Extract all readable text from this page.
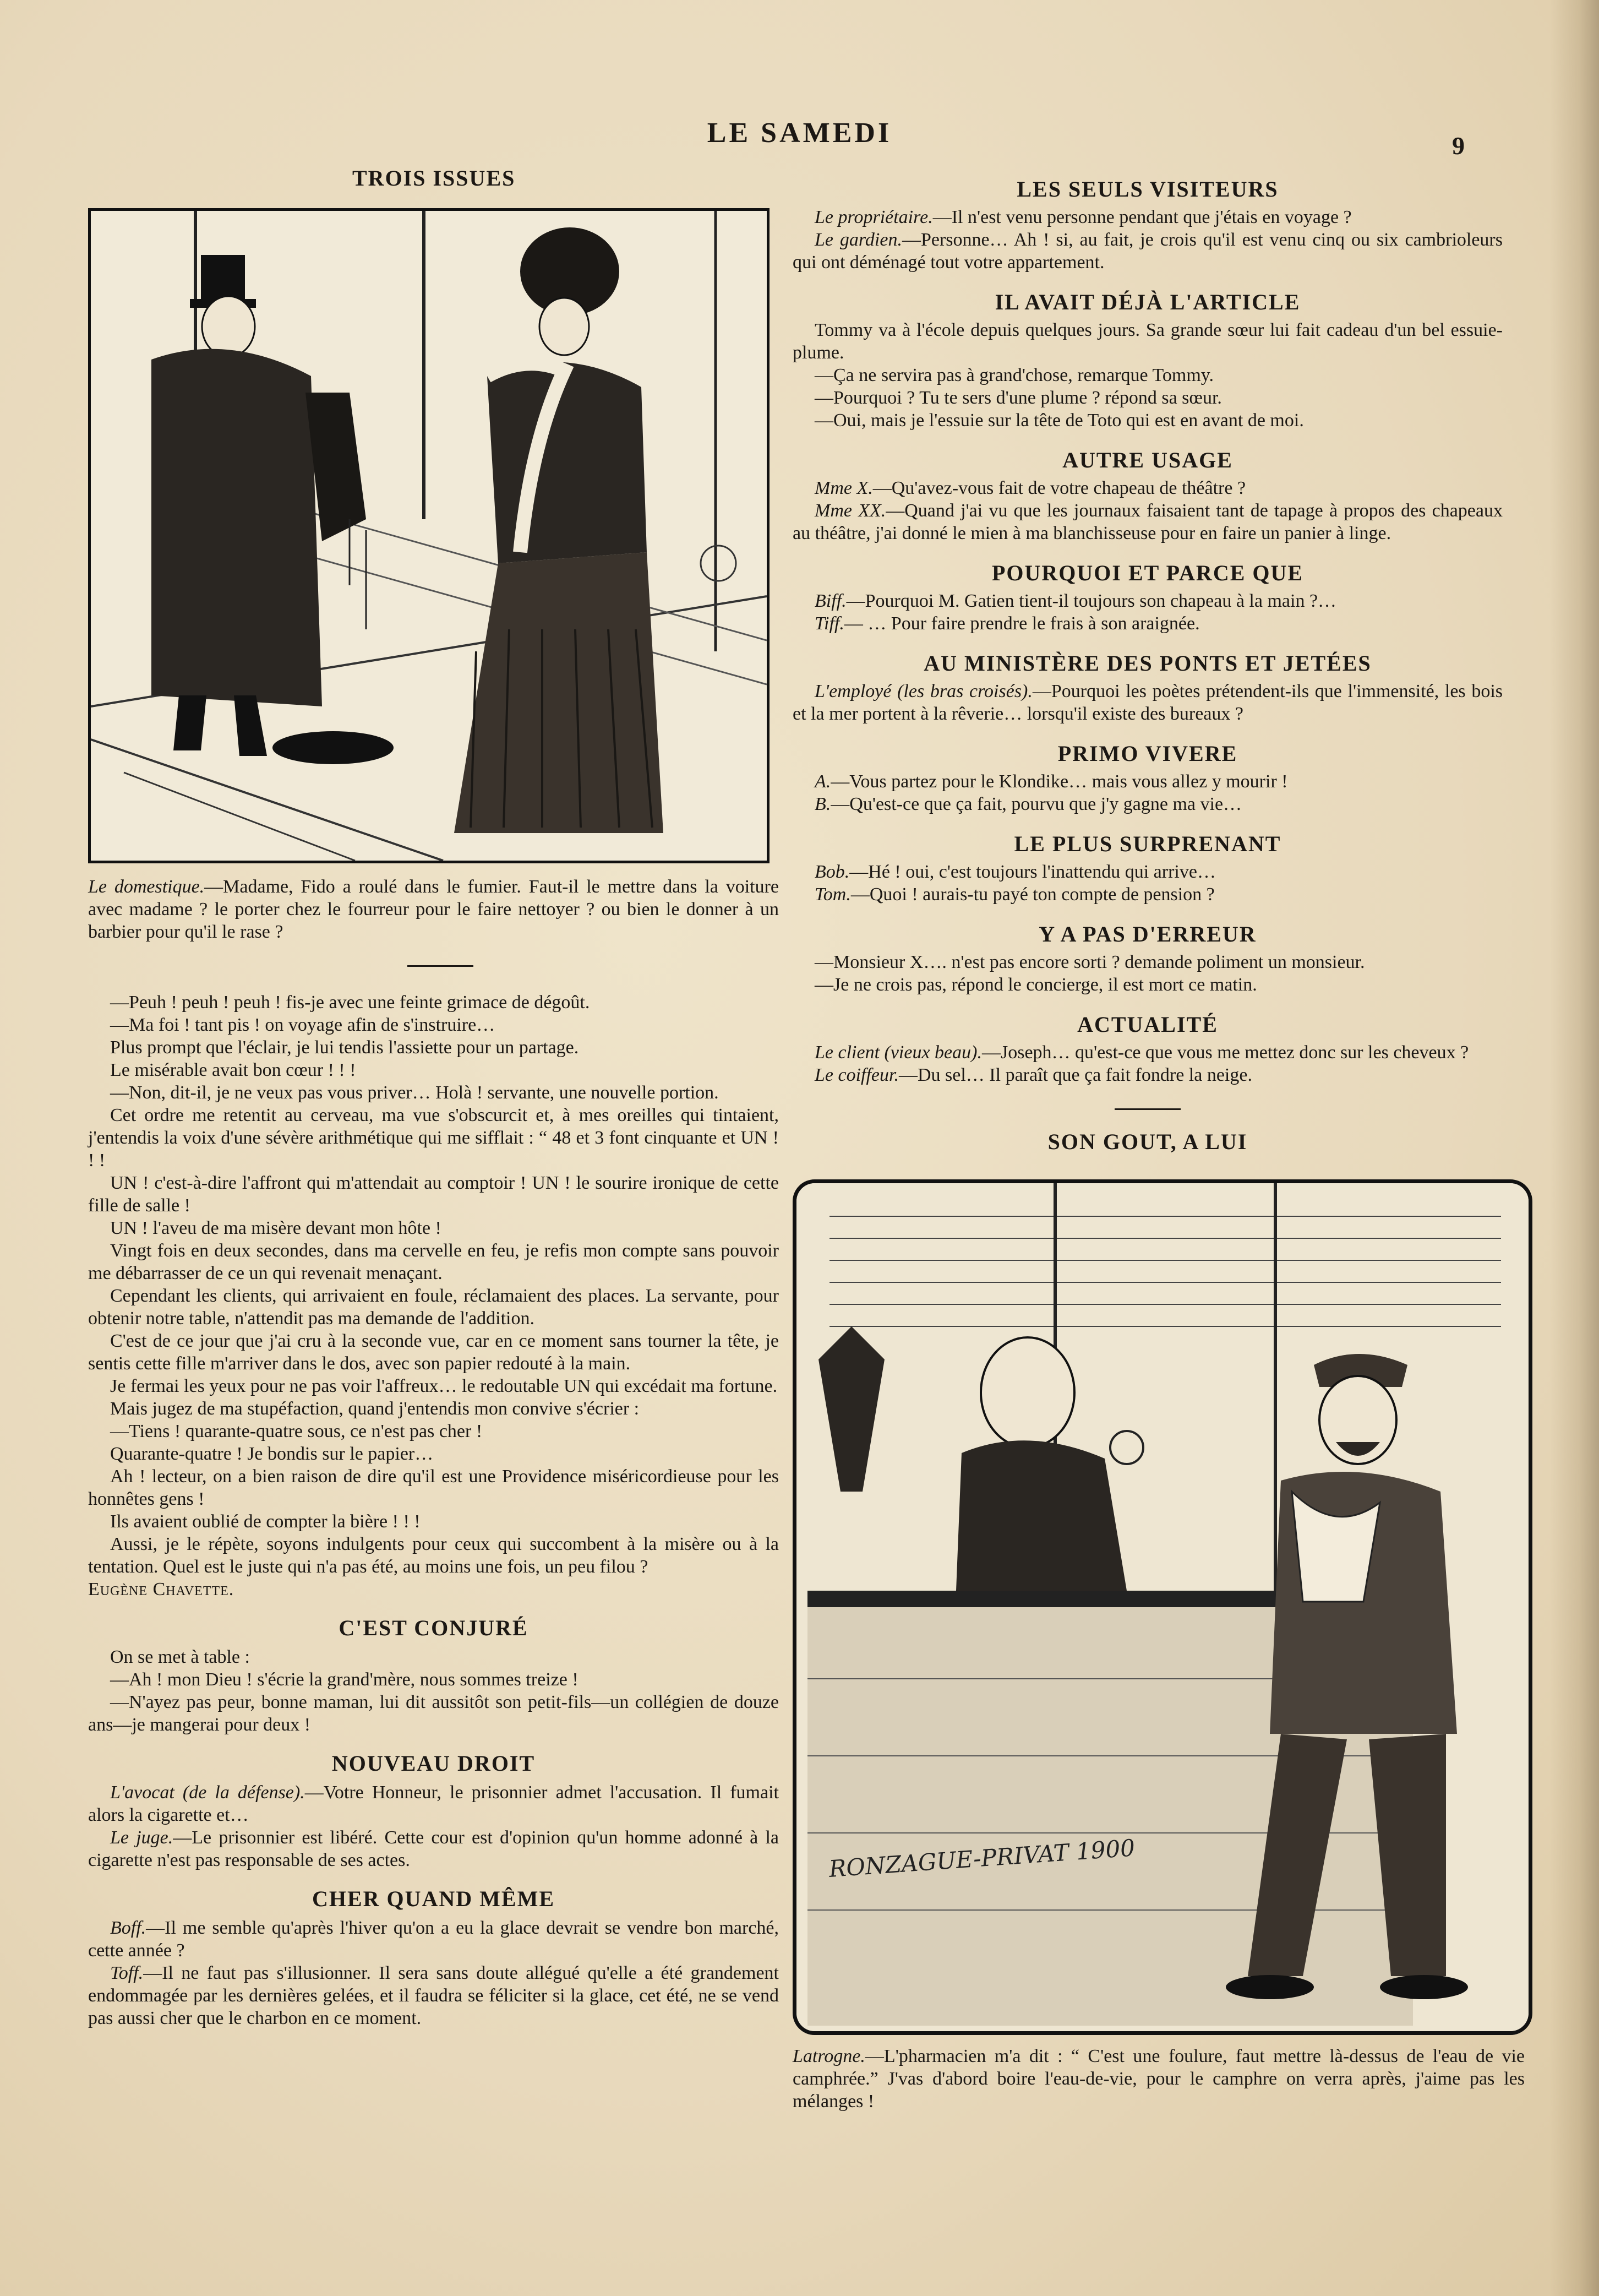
LE SAMEDI	9
TROIS ISSUES

Le domestique.—Madame, Fido a roulé dans le fumier. Faut-il le mettre dans la voiture avec madame ? le porter chez le fourreur pour le faire nettoyer ? ou bien le donner à un barbier pour qu'il le rase ?

—Peuh ! peuh ! peuh ! fis-je avec une feinte grimace de dégoût.

—Ma foi ! tant pis ! on voyage afin de s'instruire…

Plus prompt que l'éclair, je lui tendis l'assiette pour un partage.

Le misérable avait bon cœur ! ! !

—Non, dit-il, je ne veux pas vous priver… Holà ! servante, une nouvelle portion.

Cet ordre me retentit au cerveau, ma vue s'obscurcit et, à mes oreilles qui tintaient, j'entendis la voix d'une sévère arithmétique qui me sifflait : “ 48 et 3 font cinquante et UN ! ! !

UN ! c'est-à-dire l'affront qui m'attendait au comptoir ! UN ! le sourire ironique de cette fille de salle !

UN ! l'aveu de ma misère devant mon hôte !

Vingt fois en deux secondes, dans ma cervelle en feu, je refis mon compte sans pouvoir me débarrasser de ce un qui revenait menaçant.

Cependant les clients, qui arrivaient en foule, réclamaient des places. La servante, pour obtenir notre table, n'attendit pas ma demande de l'addition.

C'est de ce jour que j'ai cru à la seconde vue, car en ce moment sans tourner la tête, je sentis cette fille m'arriver dans le dos, avec son papier redouté à la main.

Je fermai les yeux pour ne pas voir l'affreux… le redoutable UN qui excédait ma fortune.

Mais jugez de ma stupéfaction, quand j'entendis mon convive s'écrier :

—Tiens ! quarante-quatre sous, ce n'est pas cher !

Quarante-quatre ! Je bondis sur le papier…

Ah ! lecteur, on a bien raison de dire qu'il est une Providence miséricordieuse pour les honnêtes gens !

Ils avaient oublié de compter la bière ! ! !

Aussi, je le répète, soyons indulgents pour ceux qui succombent à la misère ou à la tentation. Quel est le juste qui n'a pas été, au moins une fois, un peu filou ?

Eugène Chavette.

C'EST CONJURÉ

On se met à table :

—Ah ! mon Dieu ! s'écrie la grand'mère, nous sommes treize !

—N'ayez pas peur, bonne maman, lui dit aussitôt son petit-fils—un collégien de douze ans—je mangerai pour deux !

NOUVEAU DROIT

L'avocat (de la défense).—Votre Honneur, le prisonnier admet l'accusation. Il fumait alors la cigarette et…

Le juge.—Le prisonnier est libéré. Cette cour est d'opinion qu'un homme adonné à la cigarette n'est pas responsable de ses actes.

CHER QUAND MÊME

Boff.—Il me semble qu'après l'hiver qu'on a eu la glace devrait se vendre bon marché, cette année ?

Toff.—Il ne faut pas s'illusionner. Il sera sans doute allégué qu'elle a été grandement endommagée par les dernières gelées, et il faudra se féliciter si la glace, cet été, ne se vend pas aussi cher que le charbon en ce moment.

LES SEULS VISITEURS

Le propriétaire.—Il n'est venu personne pendant que j'étais en voyage ?

Le gardien.—Personne… Ah ! si, au fait, je crois qu'il est venu cinq ou six cambrioleurs qui ont déménagé tout votre appartement.

IL AVAIT DÉJÀ L'ARTICLE

Tommy va à l'école depuis quelques jours. Sa grande sœur lui fait cadeau d'un bel essuie-plume.

—Ça ne servira pas à grand'chose, remarque Tommy.

—Pourquoi ? Tu te sers d'une plume ? répond sa sœur.

—Oui, mais je l'essuie sur la tête de Toto qui est en avant de moi.

AUTRE USAGE

Mme X.—Qu'avez-vous fait de votre chapeau de théâtre ?

Mme XX.—Quand j'ai vu que les journaux faisaient tant de tapage à propos des chapeaux au théâtre, j'ai donné le mien à ma blanchisseuse pour en faire un panier à linge.

POURQUOI ET PARCE QUE

Biff.—Pourquoi M. Gatien tient-il toujours son chapeau à la main ?…

Tiff.— … Pour faire prendre le frais à son araignée.

AU MINISTÈRE DES PONTS ET JETÉES

L'employé (les bras croisés).—Pourquoi les poètes prétendent-ils que l'immensité, les bois et la mer portent à la rêverie… lorsqu'il existe des bureaux ?

PRIMO VIVERE

A.—Vous partez pour le Klondike… mais vous allez y mourir !

B.—Qu'est-ce que ça fait, pourvu que j'y gagne ma vie…

LE PLUS SURPRENANT

Bob.—Hé ! oui, c'est toujours l'inattendu qui arrive…

Tom.—Quoi ! aurais-tu payé ton compte de pension ?

Y A PAS D'ERREUR

—Monsieur X…. n'est pas encore sorti ? demande poliment un monsieur.

—Je ne crois pas, répond le concierge, il est mort ce matin.

ACTUALITÉ

Le client (vieux beau).—Joseph… qu'est-ce que vous me mettez donc sur les cheveux ?

Le coiffeur.—Du sel… Il paraît que ça fait fondre la neige.

SON GOUT, A LUI
RONZAGUE-PRIVAT 1900

Latrogne.—L'pharmacien m'a dit : “ C'est une foulure, faut mettre là-dessus de l'eau de vie camphrée.” J'vas d'abord boire l'eau-de-vie, pour le camphre on verra après, j'aime pas les mélanges !
